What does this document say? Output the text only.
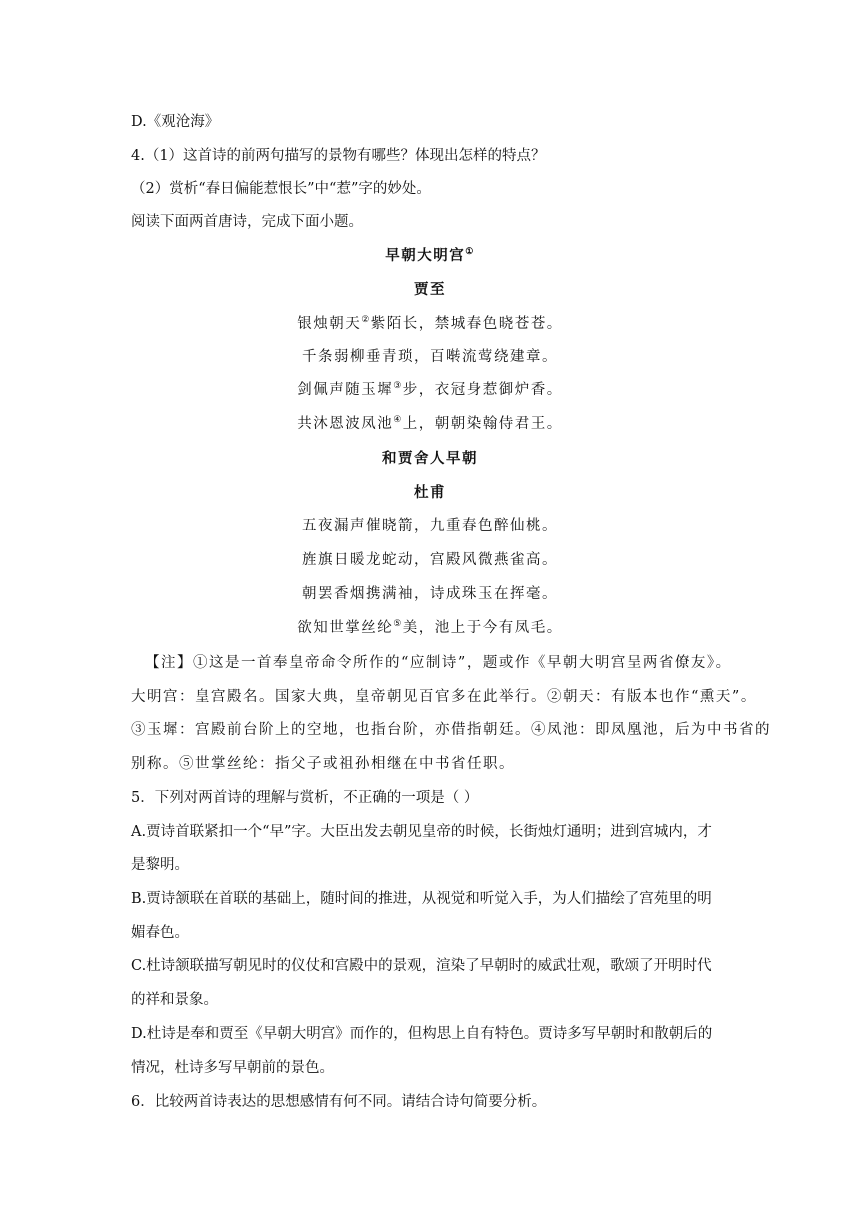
D.《观沧海》
4.（1）这首诗的前两句描写的景物有哪些？体现出怎样的特点？
（2）赏析“春日偏能惹恨长”中“惹”字的妙处。
阅读下面两首唐诗，完成下面小题。
早朝大明宫①
贾至
银烛朝天②紫陌长，禁城春色晓苍苍。
千条弱柳垂青琐，百啭流莺绕建章。
剑佩声随玉墀③步，衣冠身惹御炉香。
共沐恩波凤池④上，朝朝染翰侍君王。
和贾舍人早朝
杜甫
五夜漏声催晓箭，九重春色醉仙桃。
旌旗日暖龙蛇动，宫殿风微燕雀高。
朝罢香烟携满袖，诗成珠玉在挥毫。
欲知世掌丝纶⑤美，池上于今有凤毛。
【注】①这是一首奉皇帝命令所作的“应制诗”，题或作《早朝大明宫呈两省僚友》。
大明宫：皇宫殿名。国家大典，皇帝朝见百官多在此举行。②朝天：有版本也作“熏天”。
③玉墀：宫殿前台阶上的空地，也指台阶，亦借指朝廷。④凤池：即凤凰池，后为中书省的
别称。⑤世掌丝纶：指父子或祖孙相继在中书省任职。
5．下列对两首诗的理解与赏析，不正确的一项是（ ）
A.贾诗首联紧扣一个“早”字。大臣出发去朝见皇帝的时候，长街烛灯通明；进到宫城内，才
是黎明。
B.贾诗颔联在首联的基础上，随时间的推进，从视觉和听觉入手，为人们描绘了宫苑里的明
媚春色。
C.杜诗颔联描写朝见时的仪仗和宫殿中的景观，渲染了早朝时的威武壮观，歌颂了开明时代
的祥和景象。
D.杜诗是奉和贾至《早朝大明宫》而作的，但构思上自有特色。贾诗多写早朝时和散朝后的
情况，杜诗多写早朝前的景色。
6．比较两首诗表达的思想感情有何不同。请结合诗句简要分析。
